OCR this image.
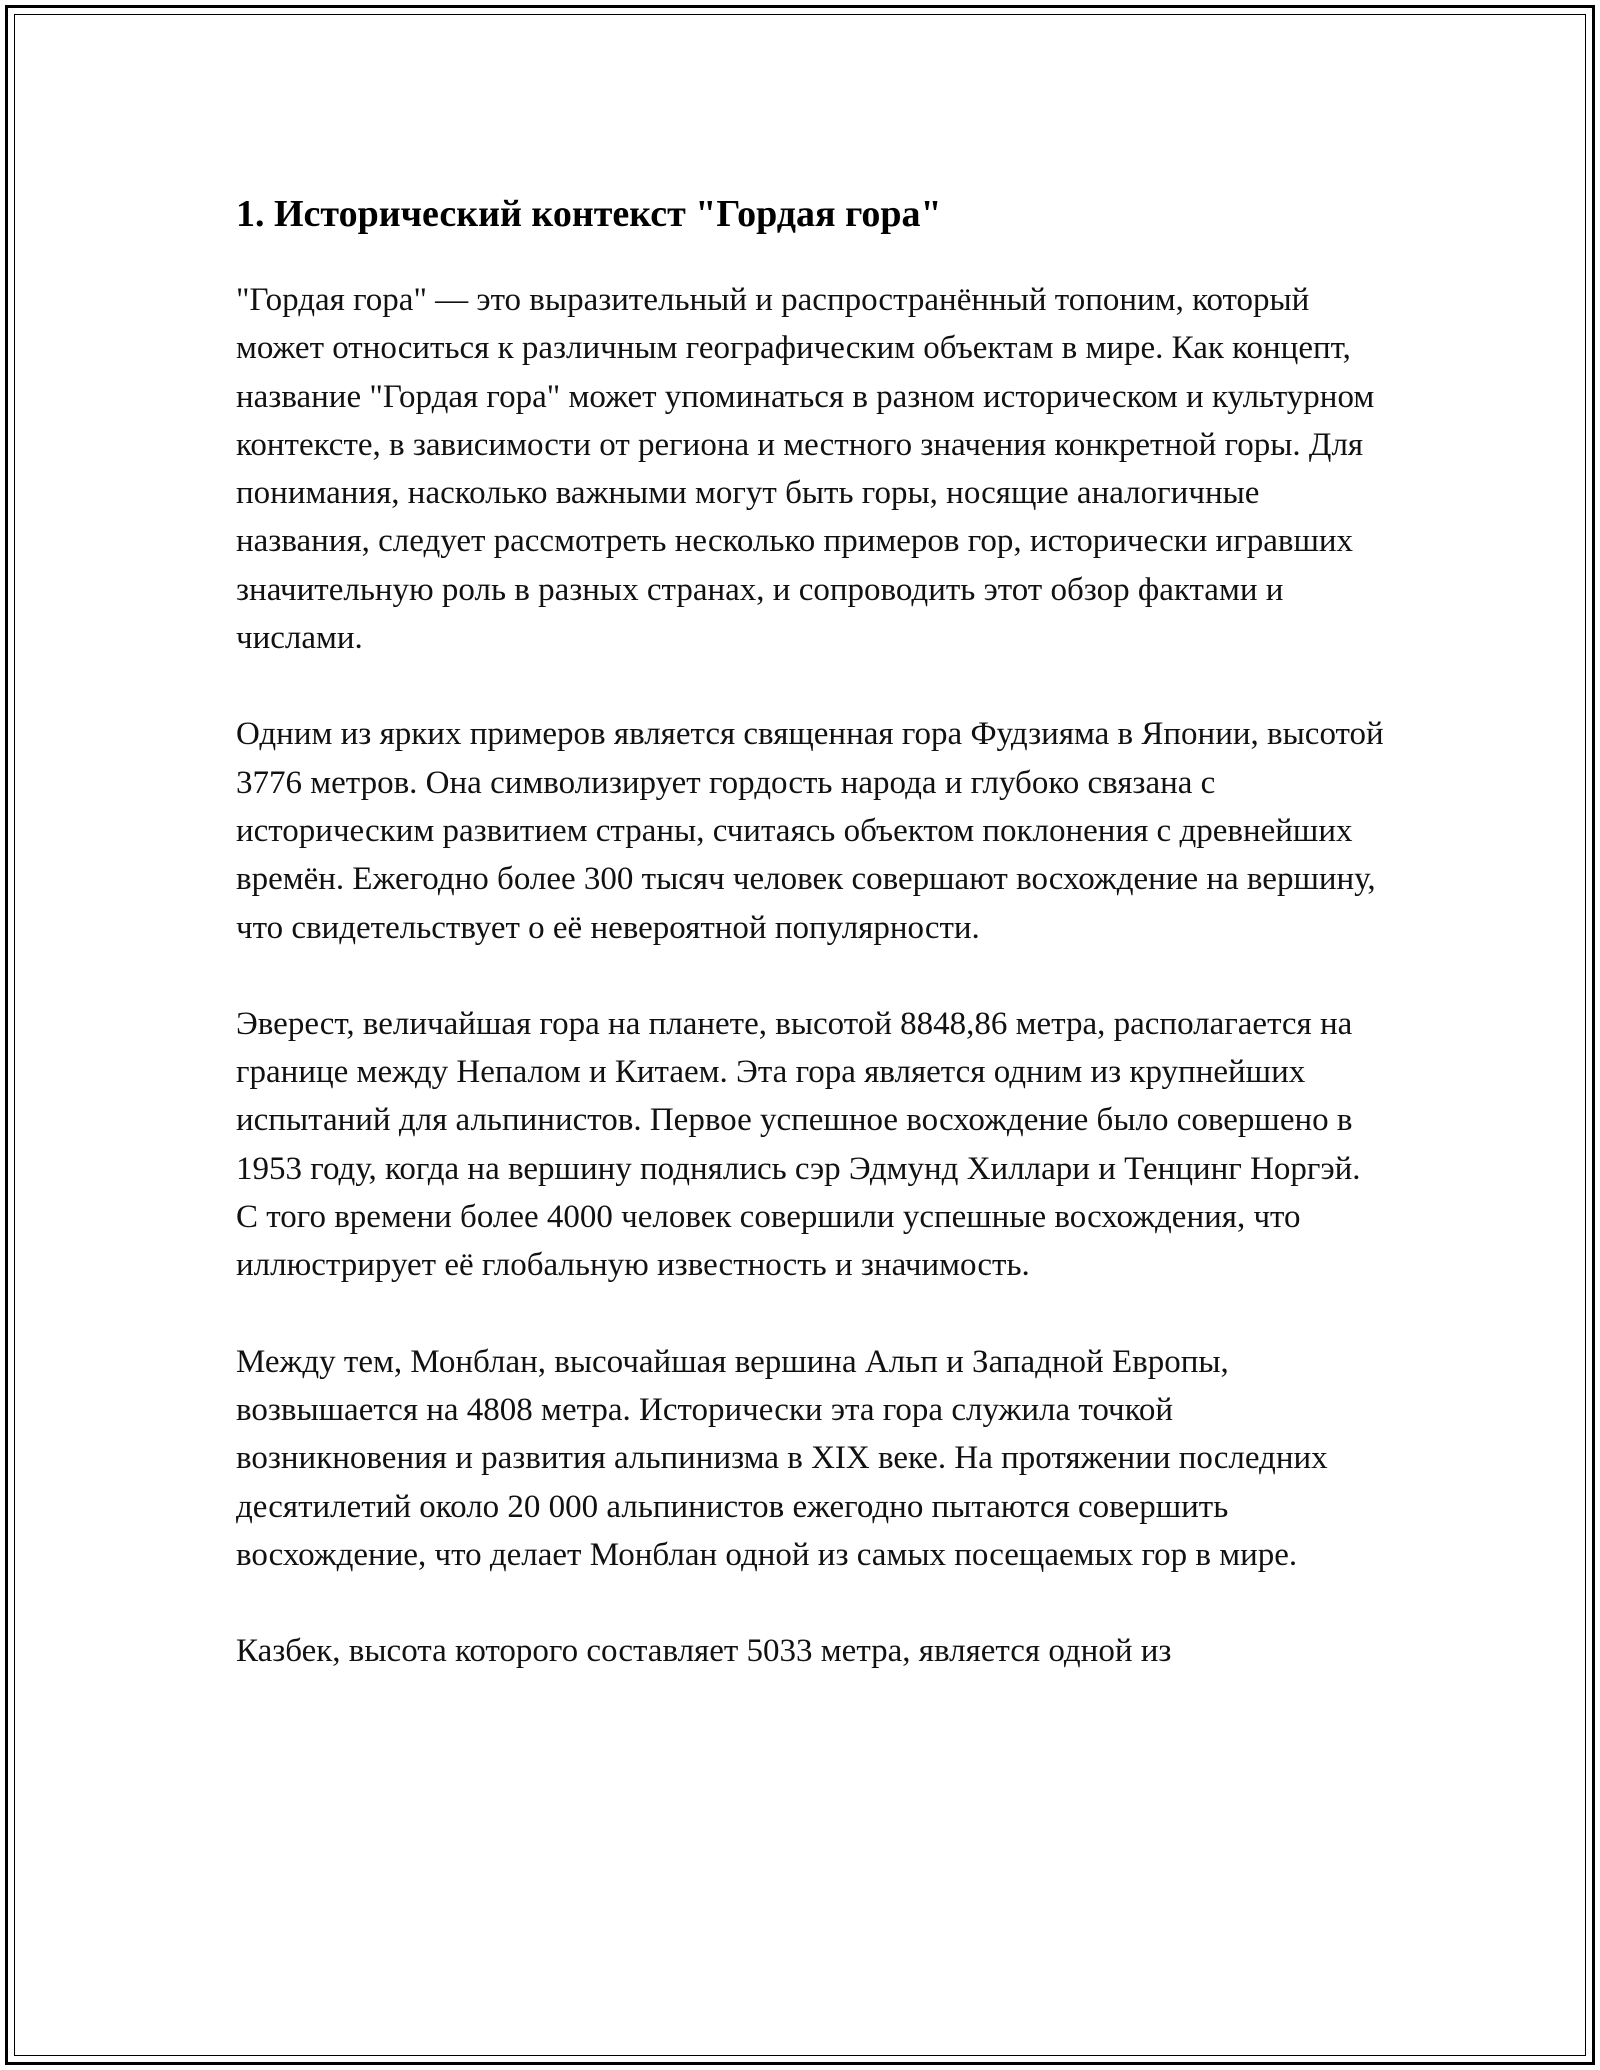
1. Исторический контекст "Гордая гора"

"Гордая гора" — это выразительный и распространённый топоним, который может относиться к различным географическим объектам в мире. Как концепт, название "Гордая гора" может упоминаться в разном историческом и культурном контексте, в зависимости от региона и местного значения конкретной горы. Для понимания, насколько важными могут быть горы, носящие аналогичные названия, следует рассмотреть несколько примеров гор, исторически игравших значительную роль в разных странах, и сопроводить этот обзор фактами и числами.

Одним из ярких примеров является священная гора Фудзияма в Японии, высотой 3776 метров. Она символизирует гордость народа и глубоко связана с историческим развитием страны, считаясь объектом поклонения с древнейших времён. Ежегодно более 300 тысяч человек совершают восхождение на вершину, что свидетельствует о её невероятной популярности.

Эверест, величайшая гора на планете, высотой 8848,86 метра, располагается на границе между Непалом и Китаем. Эта гора является одним из крупнейших испытаний для альпинистов. Первое успешное восхождение было совершено в 1953 году, когда на вершину поднялись сэр Эдмунд Хиллари и Тенцинг Норгэй. С того времени более 4000 человек совершили успешные восхождения, что иллюстрирует её глобальную известность и значимость.

Между тем, Монблан, высочайшая вершина Альп и Западной Европы, возвышается на 4808 метра. Исторически эта гора служила точкой возникновения и развития альпинизма в XIX веке. На протяжении последних десятилетий около 20 000 альпинистов ежегодно пытаются совершить восхождение, что делает Монблан одной из самых посещаемых гор в мире.

Казбек, высота которого составляет 5033 метра, является одной из
